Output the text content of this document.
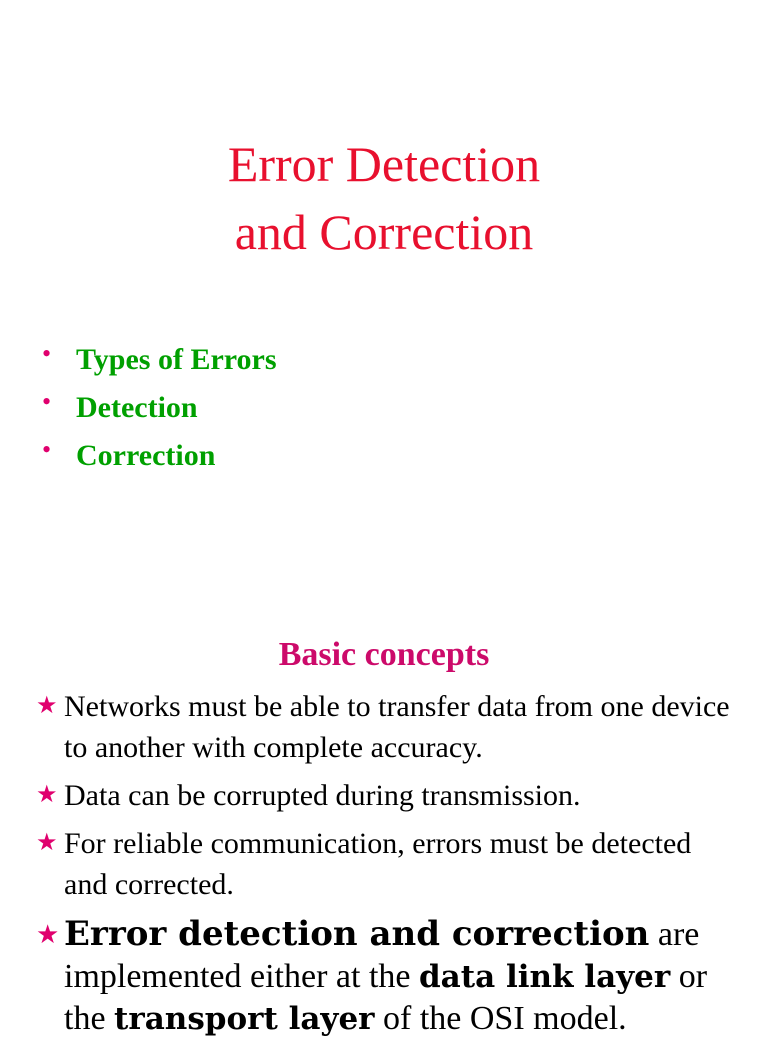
Error Detection
and Correction
• Types of Errors
• Detection
• Correction
Basic concepts
★ Networks must be able to transfer data from one device to another with complete accuracy.
★ Data can be corrupted during transmission.
★ For reliable communication, errors must be detected and corrected.
★ Error detection and correction are implemented either at the data link layer or the transport layer of the OSI model.
